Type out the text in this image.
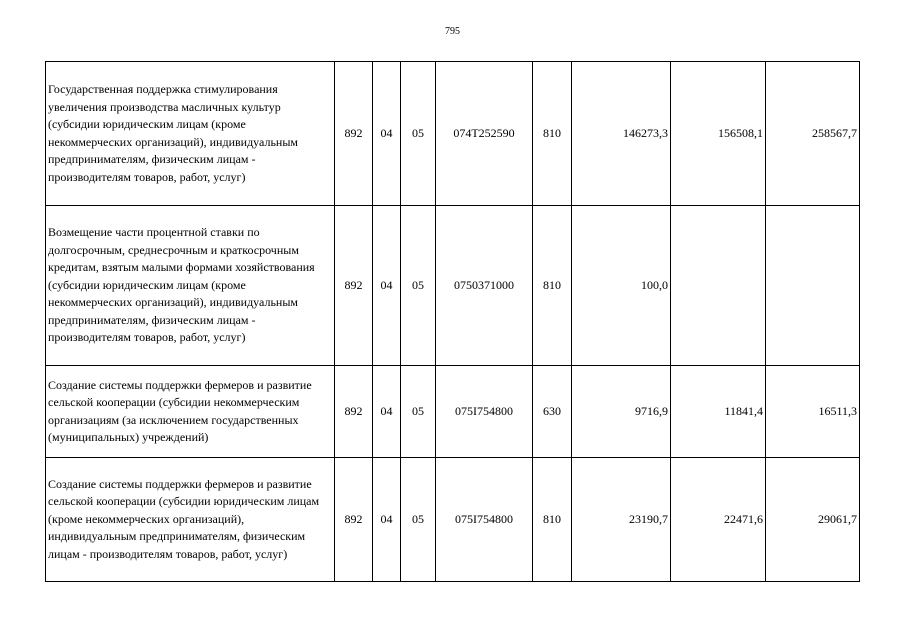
795
Государственная поддержка стимулирования увеличения производства масличных культур (субсидии юридическим лицам (кроме некоммерческих организаций), индивидуальным предпринимателям, физическим лицам - производителям товаров, работ, услуг)	892	04	05	074T252590	810	146273,3	156508,1	258567,7
Возмещение части процентной ставки по долгосрочным, среднесрочным и краткосрочным кредитам, взятым малыми формами хозяйствования (субсидии юридическим лицам (кроме некоммерческих организаций), индивидуальным предпринимателям, физическим лицам - производителям товаров, работ, услуг)	892	04	05	0750371000	810	100,0		
Создание системы поддержки фермеров и развитие сельской кооперации (субсидии некоммерческим организациям (за исключением государственных (муниципальных) учреждений)	892	04	05	075I754800	630	9716,9	11841,4	16511,3
Создание системы поддержки фермеров и развитие сельской кооперации (субсидии юридическим лицам (кроме некоммерческих организаций), индивидуальным предпринимателям, физическим лицам - производителям товаров, работ, услуг)	892	04	05	075I754800	810	23190,7	22471,6	29061,7
